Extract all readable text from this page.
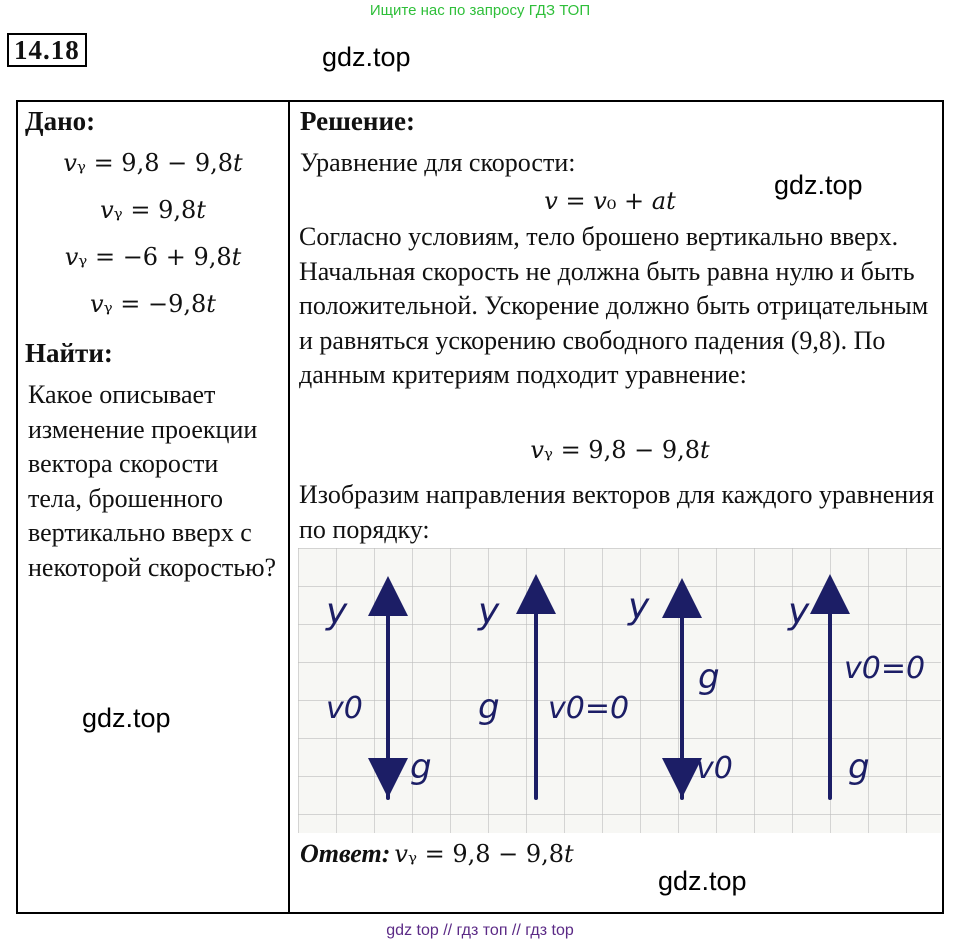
Ищите нас по запросу ГДЗ ТОП
14.18	gdz.top
Дано:

𝑣ᵧ = 9,8 − 9,8𝑡

𝑣ᵧ = 9,8𝑡

𝑣ᵧ = −6 + 9,8𝑡

𝑣ᵧ = −9,8𝑡

Найти:
Какое описывает изменение проекции вектора скорости тела, брошенного вертикально вверх с некоторой скоростью?
gdz.top
Решение:
Уравнение для скорости:
𝑣 = 𝑣₀ + 𝑎𝑡
gdz.top
Согласно условиям, тело брошено вертикально вверх. Начальная скорость не должна быть равна нулю и быть положительной. Ускорение должно быть отрицательным и равняться ускорению свободного падения (9,8). По данным критериям подходит уравнение:
𝑣ᵧ = 9,8 − 9,8𝑡
Изобразим направления векторов для каждого уравнения по порядку:
y
v0
g
y
g v0=0
y
g
v0
y
v0=0
g
Ответ: 𝑣ᵧ = 9,8 − 9,8𝑡
gdz.top
gdz top // гдз топ // гдз top
